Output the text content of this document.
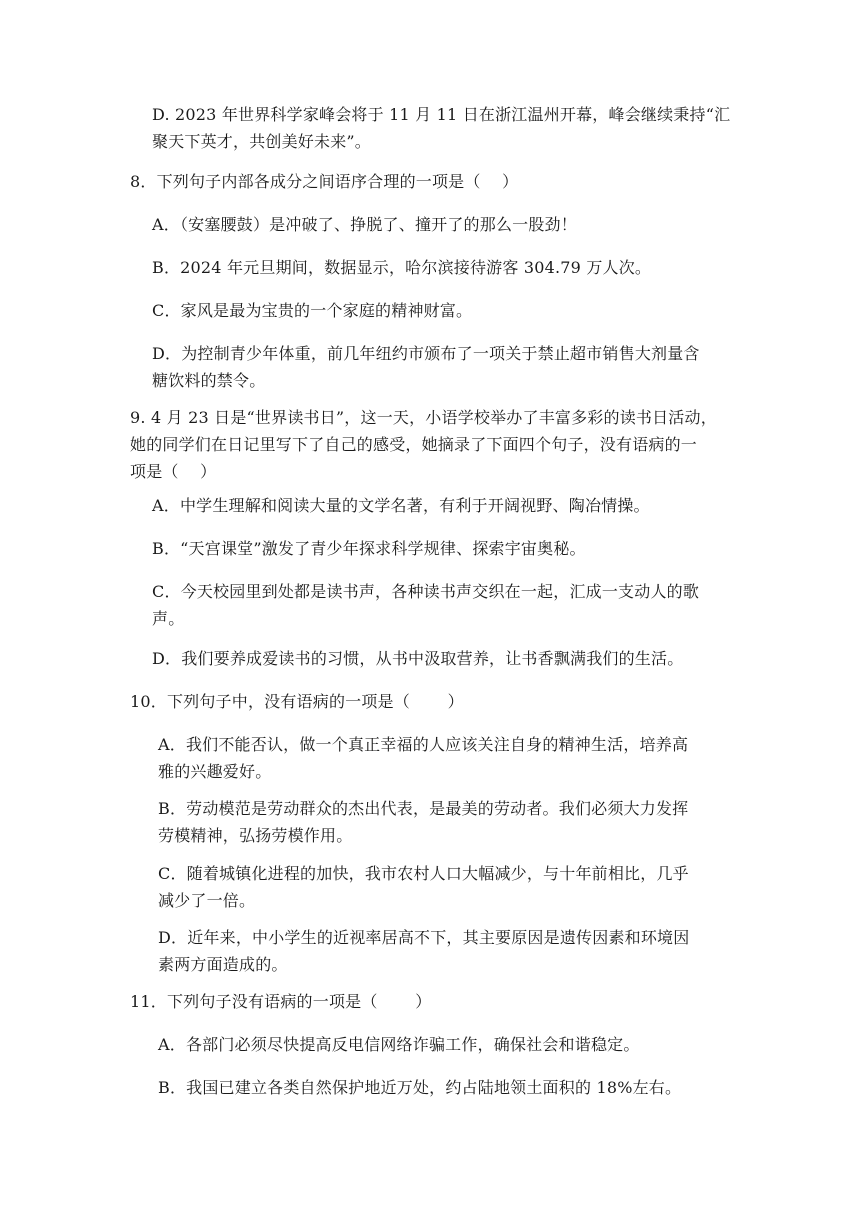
D. 2023 年世界科学家峰会将于 11 月 11 日在浙江温州开幕，峰会继续秉持“汇
聚天下英才，共创美好未来”。
8．下列句子内部各成分之间语序合理的一项是（　 ）
A．（安塞腰鼓）是冲破了、挣脱了、撞开了的那么一股劲！
B．2024 年元旦期间，数据显示，哈尔滨接待游客 304.79 万人次。
C．家风是最为宝贵的一个家庭的精神财富。
D．为控制青少年体重，前几年纽约市颁布了一项关于禁止超市销售大剂量含
糖饮料的禁令。
9. 4 月 23 日是“世界读书日”，这一天，小语学校举办了丰富多彩的读书日活动，
她的同学们在日记里写下了自己的感受，她摘录了下面四个句子，没有语病的一
项是（　 ）
A．中学生理解和阅读大量的文学名著，有利于开阔视野、陶冶情操。
B．“天宫课堂”激发了青少年探求科学规律、探索宇宙奥秘。
C．今天校园里到处都是读书声，各种读书声交织在一起，汇成一支动人的歌
声。
D．我们要养成爱读书的习惯，从书中汲取营养，让书香飘满我们的生活。
10．下列句子中，没有语病的一项是（　　 ）
A．我们不能否认，做一个真正幸福的人应该关注自身的精神生活，培养高
雅的兴趣爱好。
B．劳动模范是劳动群众的杰出代表，是最美的劳动者。我们必须大力发挥
劳模精神，弘扬劳模作用。
C．随着城镇化进程的加快，我市农村人口大幅减少，与十年前相比，几乎
减少了一倍。
D．近年来，中小学生的近视率居高不下，其主要原因是遗传因素和环境因
素两方面造成的。
11．下列句子没有语病的一项是（　　 ）
A．各部门必须尽快提高反电信网络诈骗工作，确保社会和谐稳定。
B．我国已建立各类自然保护地近万处，约占陆地领土面积的 18%左右。
